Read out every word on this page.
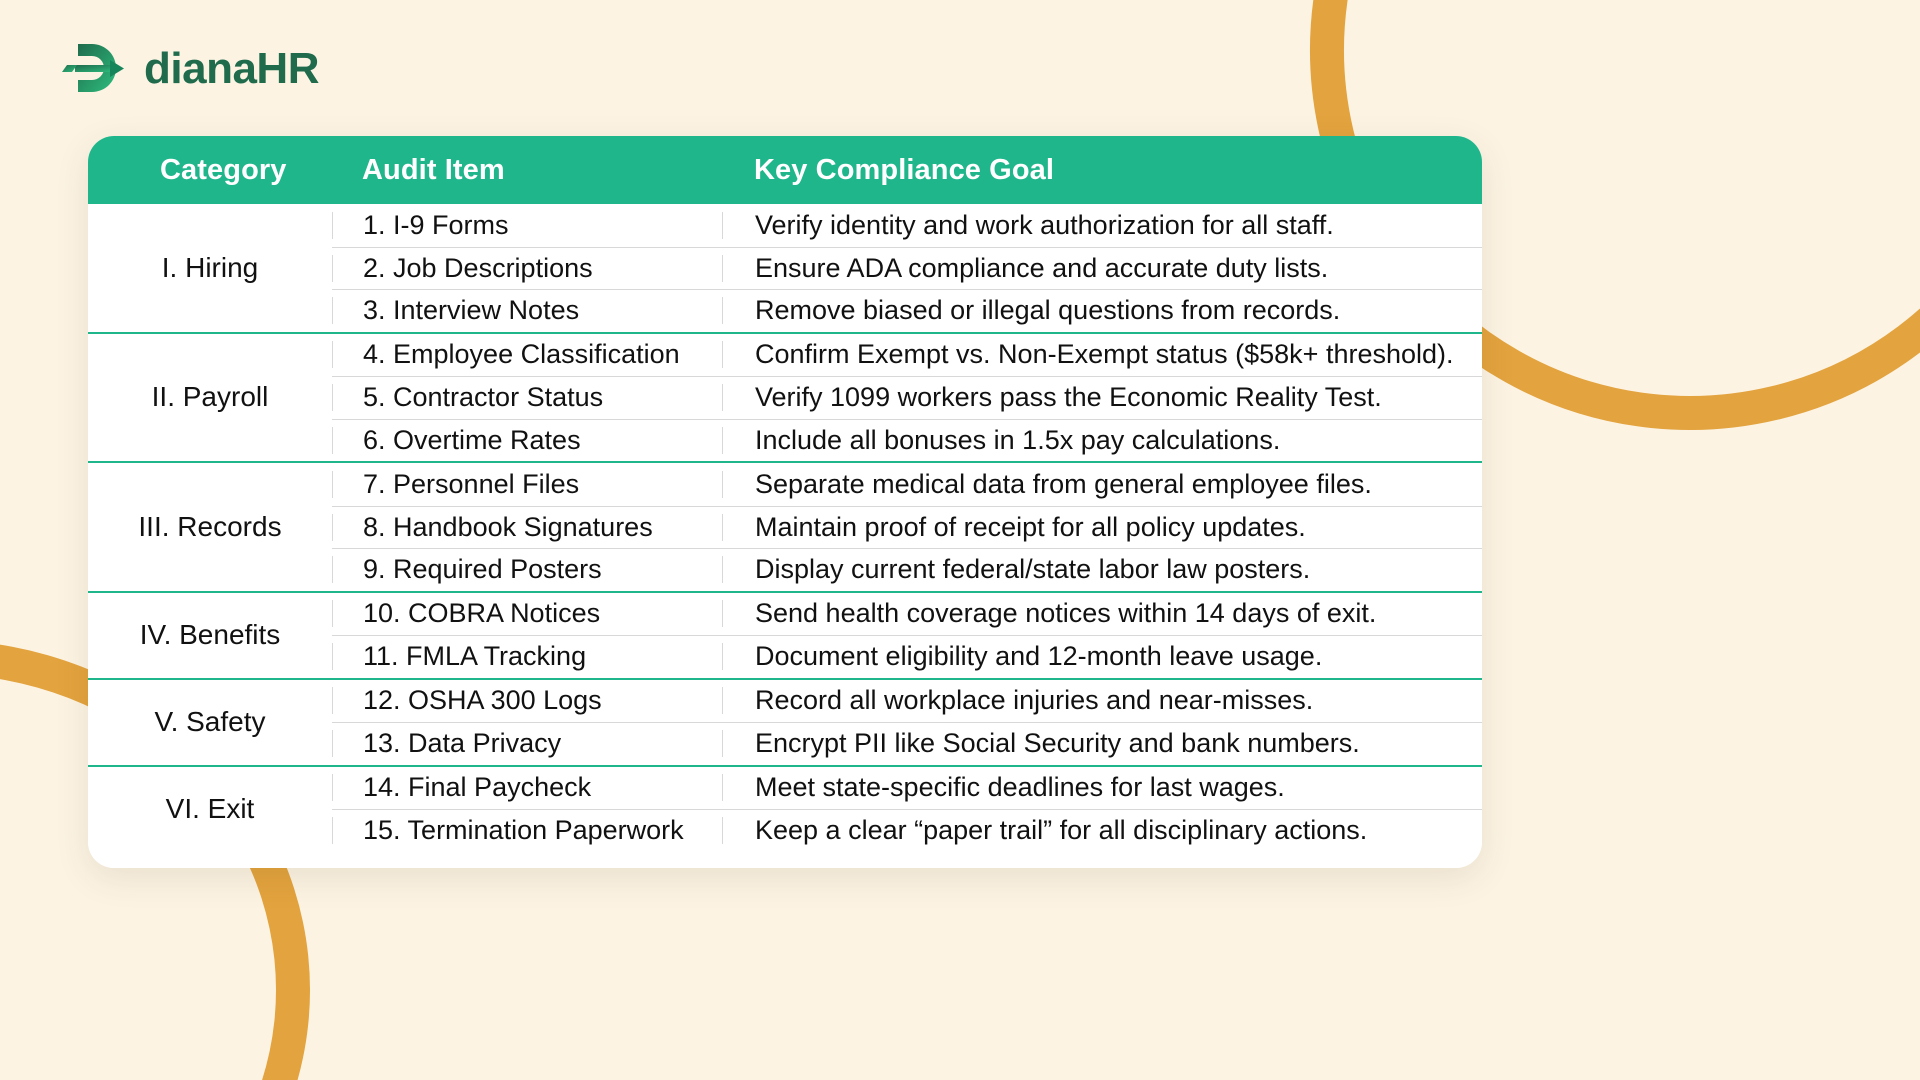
dianaHR
Category	Audit Item	Key Compliance Goal
I. Hiring
1. I-9 Forms	Verify identity and work authorization for all staff.
2. Job Descriptions	Ensure ADA compliance and accurate duty lists.
3. Interview Notes	Remove biased or illegal questions from records.
II. Payroll
4. Employee Classification	Confirm Exempt vs. Non-Exempt status ($58k+ threshold).
5. Contractor Status	Verify 1099 workers pass the Economic Reality Test.
6. Overtime Rates	Include all bonuses in 1.5x pay calculations.
III. Records
7. Personnel Files	Separate medical data from general employee files.
8. Handbook Signatures	Maintain proof of receipt for all policy updates.
9. Required Posters	Display current federal/state labor law posters.
IV. Benefits
10. COBRA Notices	Send health coverage notices within 14 days of exit.
11. FMLA Tracking	Document eligibility and 12-month leave usage.
V. Safety
12. OSHA 300 Logs	Record all workplace injuries and near-misses.
13. Data Privacy	Encrypt PII like Social Security and bank numbers.
VI. Exit
14. Final Paycheck	Meet state-specific deadlines for last wages.
15. Termination Paperwork	Keep a clear “paper trail” for all disciplinary actions.
